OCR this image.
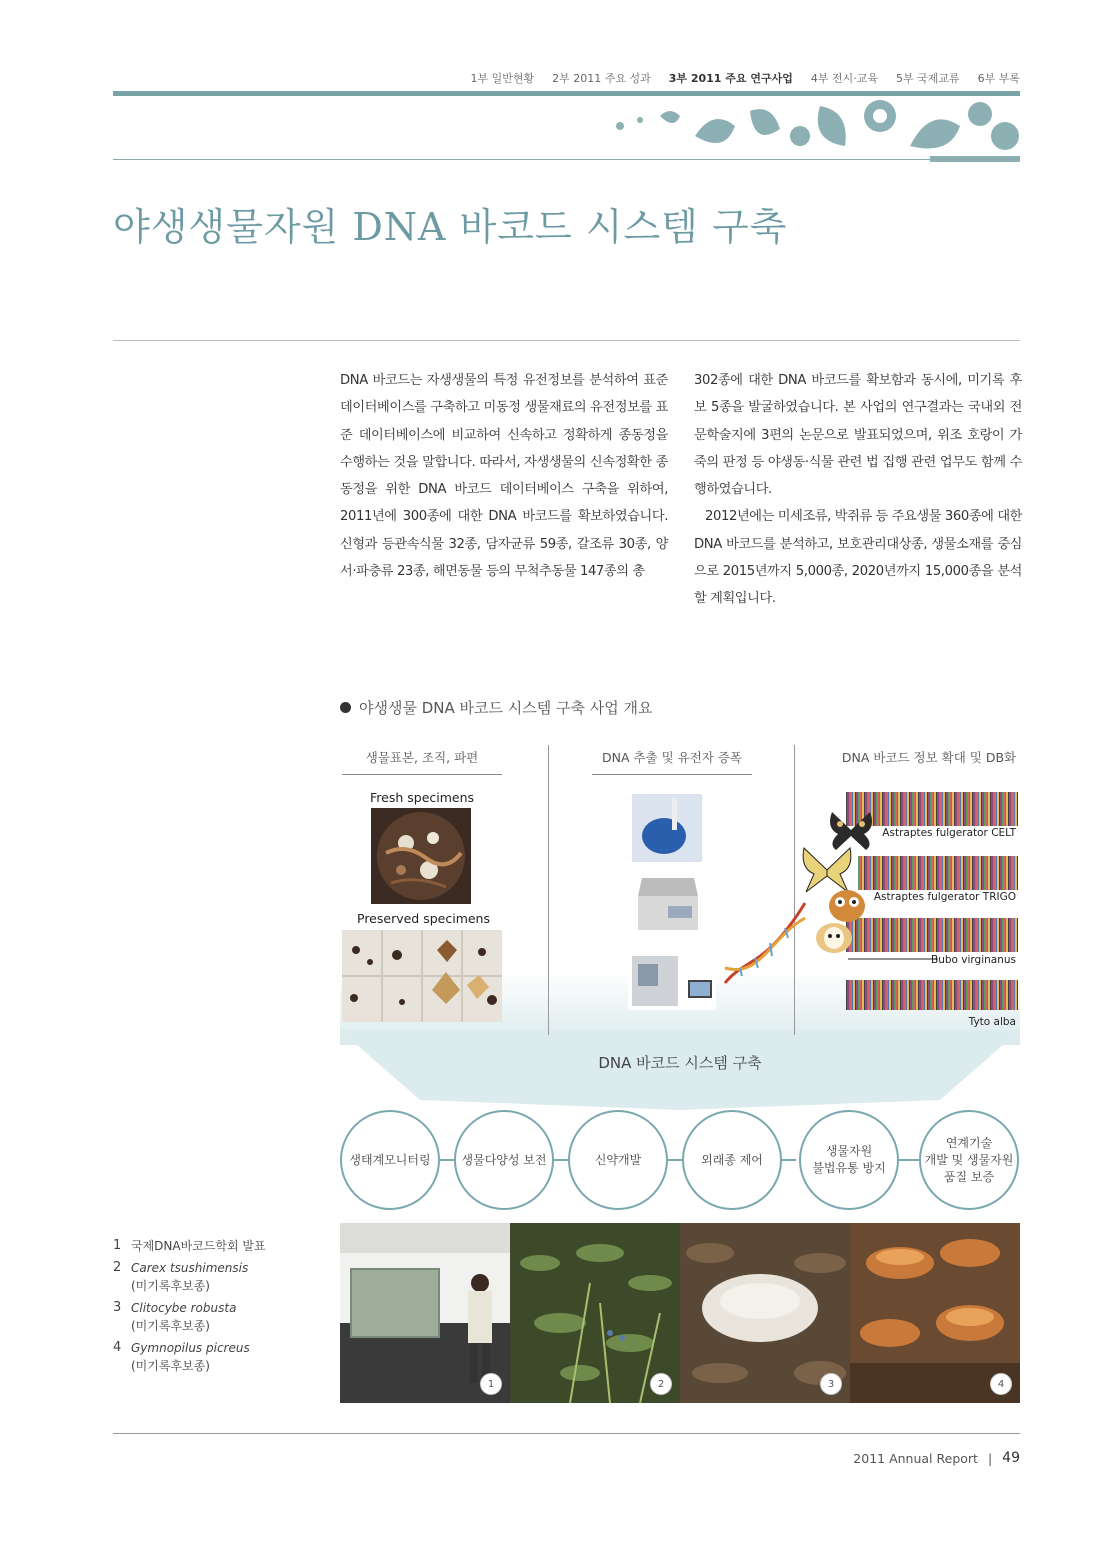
1부 일반현황 2부 2011 주요 성과 3부 2011 주요 연구사업 4부 전시·교육 5부 국제교류 6부 부록
야생생물자원 DNA 바코드 시스템 구축

DNA 바코드는 자생생물의 특정 유전정보를 분석하여 표준 데이터베이스를 구축하고 미동정 생물재료의 유전정보를 표준 데이터베이스에 비교하여 신속하고 정확하게 종동정을 수행하는 것을 말합니다. 따라서, 자생생물의 신속정확한 종동정을 위한 DNA 바코드 데이터베이스 구축을 위하여, 2011년에 300종에 대한 DNA 바코드를 확보하였습니다. 신형과 등관속식물 32종, 담자균류 59종, 갈조류 30종, 양서·파충류 23종, 해면동물 등의 무척추동물 147종의 총

302종에 대한 DNA 바코드를 확보함과 동시에, 미기록 후보 5종을 발굴하였습니다. 본 사업의 연구결과는 국내외 전문학술지에 3편의 논문으로 발표되었으며, 위조 호랑이 가죽의 판정 등 야생동·식물 관련 법 집행 관련 업무도 함께 수행하였습니다.

2012년에는 미세조류, 박쥐류 등 주요생물 360종에 대한 DNA 바코드를 분석하고, 보호관리대상종, 생물소재를 중심으로 2015년까지 5,000종, 2020년까지 15,000종을 분석할 계획입니다.

야생생물 DNA 바코드 시스템 구축 사업 개요
생물표본, 조직, 파편	DNA 추출 및 유전자 증폭	DNA 바코드 정보 확대 및 DB화
Fresh specimens
Preserved specimens
Astraptes fulgerator CELT
Astraptes fulgerator TRIGO
Bubo virginanus
Tyto alba
DNA 바코드 시스템 구축
생태계모니터링	생물다양성 보전	신약개발	외래종 제어
생물자원
불법유통 방지
연계기술
개발 및 생물자원
품질 보증
1 국제DNA바코드학회 발표
2 Carex tsushimensis
(미기록후보종)
3 Clitocybe robusta
(미기록후보종)
4 Gymnopilus picreus
(미기록후보종)
1	2	3	4
2011 Annual Report | 49
